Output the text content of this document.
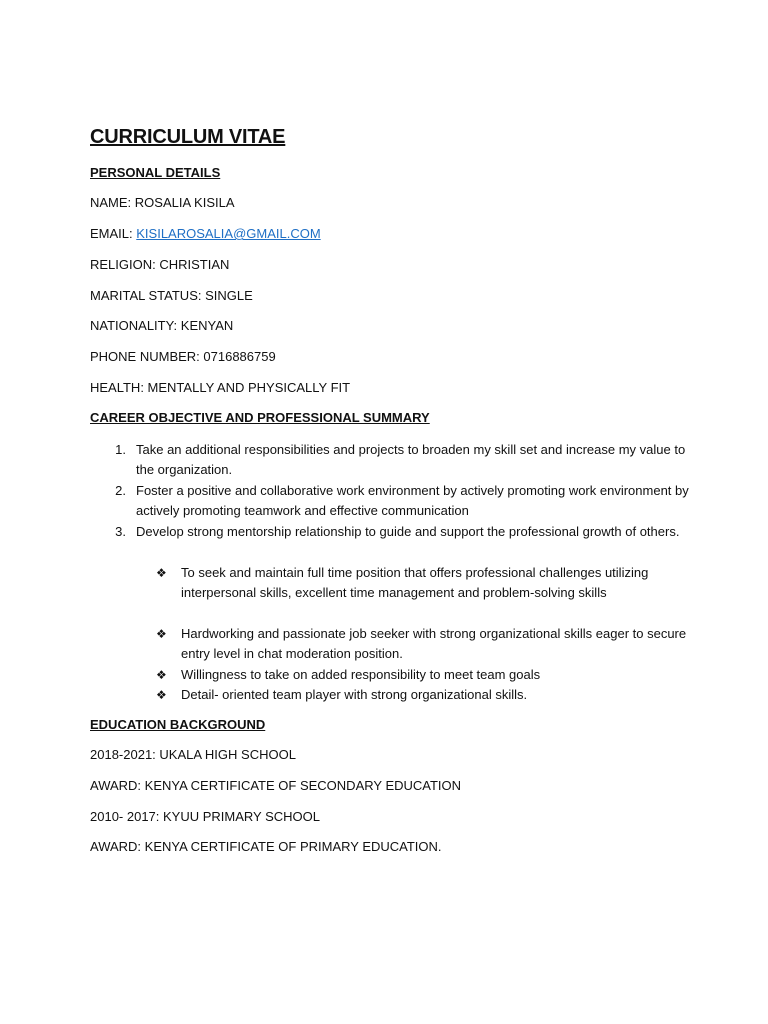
CURRICULUM VITAE
PERSONAL DETAILS
NAME: ROSALIA KISILA
EMAIL: KISILAROSALIA@GMAIL.COM
RELIGION: CHRISTIAN
MARITAL STATUS: SINGLE
NATIONALITY: KENYAN
PHONE NUMBER: 0716886759
HEALTH: MENTALLY AND PHYSICALLY FIT
CAREER OBJECTIVE AND PROFESSIONAL SUMMARY
1. Take an additional responsibilities and projects to broaden my skill set and increase my value to the organization.
2. Foster a positive and collaborative work environment by actively promoting work environment by actively promoting teamwork and effective communication
3. Develop strong mentorship relationship to guide and support the professional growth of others.
❖	To seek and maintain full time position that offers professional challenges utilizing interpersonal skills, excellent time management and problem-solving skills
❖	Hardworking and passionate job seeker with strong organizational skills eager to secure entry level in chat moderation position.
❖	Willingness to take on added responsibility to meet team goals
❖	Detail- oriented team player with strong organizational skills.
EDUCATION BACKGROUND
2018-2021: UKALA HIGH SCHOOL
AWARD: KENYA CERTIFICATE OF SECONDARY EDUCATION
2010- 2017: KYUU PRIMARY SCHOOL
AWARD: KENYA CERTIFICATE OF PRIMARY EDUCATION.
